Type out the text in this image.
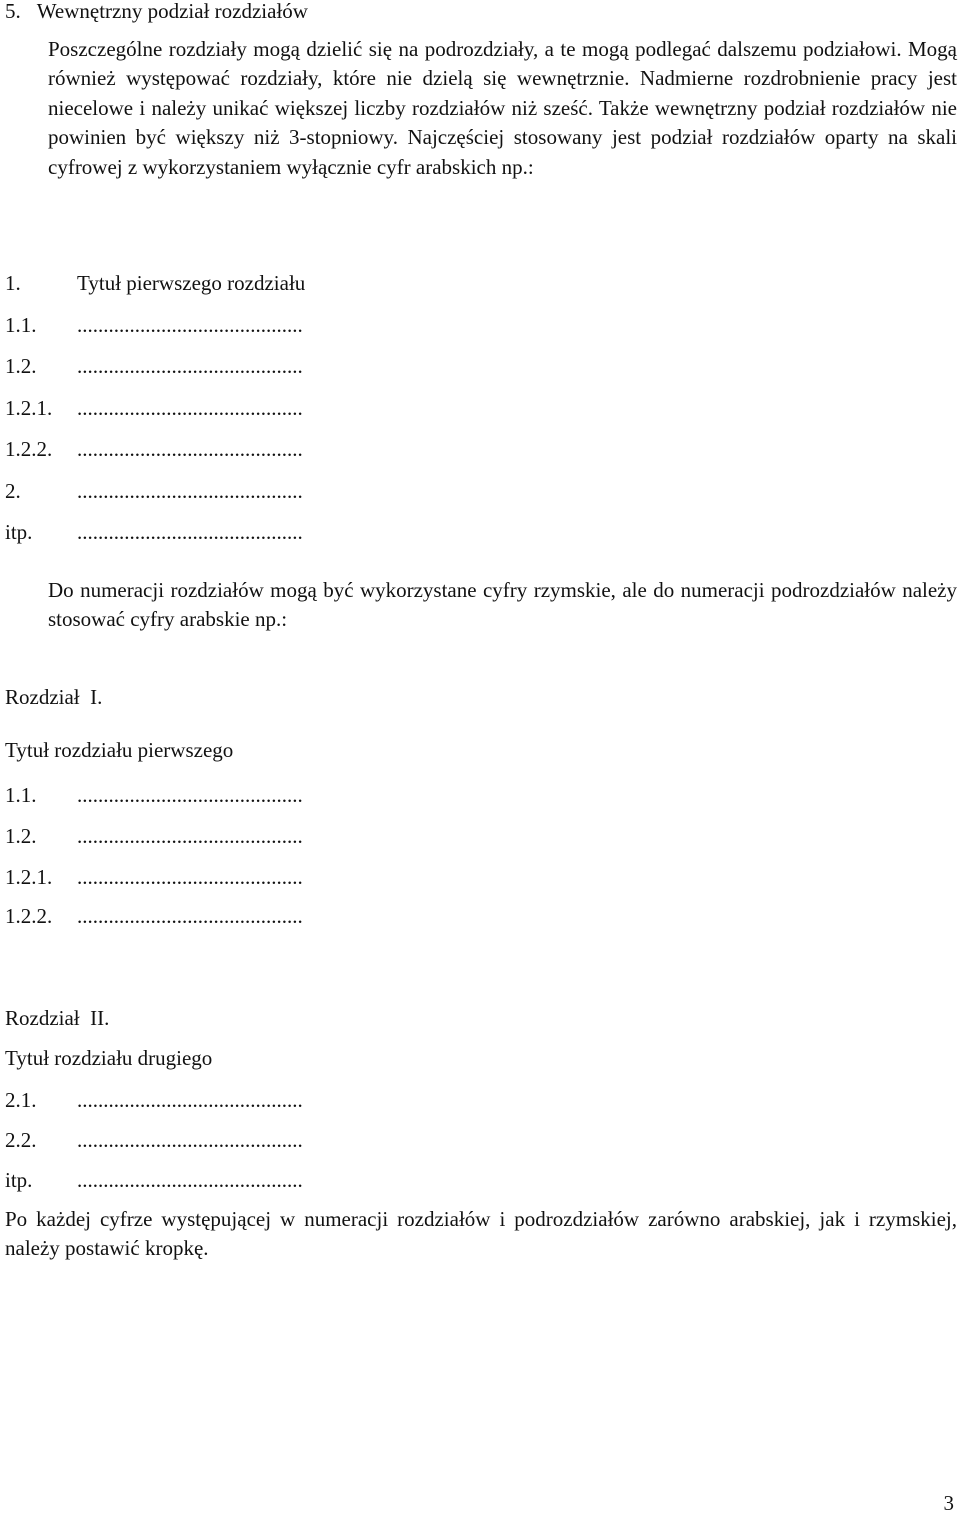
5. Wewnętrzny podział rozdziałów

Poszczególne rozdziały mogą dzielić się na podrozdziały, a te mogą podlegać dalszemu podziałowi. Mogą również występować rozdziały, które nie dzielą się wewnętrznie. Nadmierne rozdrobnienie pracy jest niecelowe i należy unikać większej liczby rozdziałów niż sześć. Także wewnętrzny podział rozdziałów nie powinien być większy niż 3-stopniowy. Najczęściej stosowany jest podział rozdziałów oparty na skali cyfrowej z wykorzystaniem wyłącznie cyfr arabskich np.:

1.	Tytuł pierwszego rozdziału
1.1. ...........................................
1.2. ...........................................
1.2.1. ...........................................
1.2.2. ...........................................
2.	...........................................
itp. ...........................................

Do numeracji rozdziałów mogą być wykorzystane cyfry rzymskie, ale do numeracji podrozdziałów należy stosować cyfry arabskie np.:

Rozdział  I.
Tytuł rozdziału pierwszego
1.1. ...........................................
1.2. ...........................................
1.2.1. ...........................................
1.2.2. ...........................................
Rozdział  II.
Tytuł rozdziału drugiego
2.1. ...........................................
2.2. ...........................................
itp. ...........................................

Po każdej cyfrze występującej w numeracji rozdziałów i podrozdziałów zarówno arabskiej, jak i rzymskiej, należy postawić kropkę.

3
